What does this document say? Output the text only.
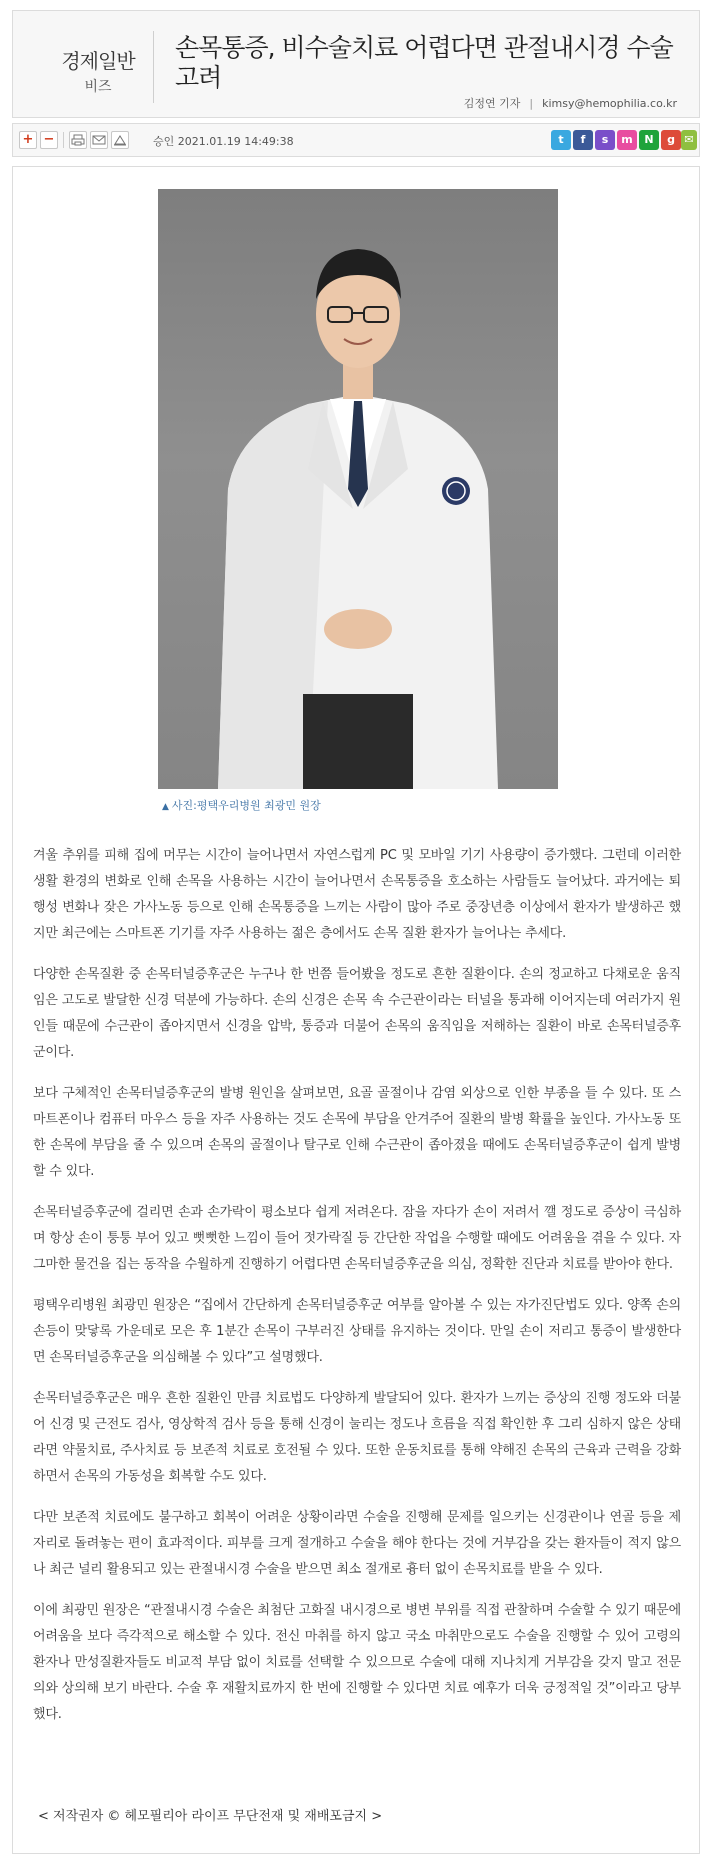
경제일반
비즈
손목통증, 비수술치료 어렵다면 관절내시경 수술 고려
김정연 기자 | kimsy@hemophilia.co.kr
+ −	승인 2021.01.19 14:49:38	t	f	s	m	N	g ✉
▲ 사진:평택우리병원 최광민 원장

겨울 추위를 피해 집에 머무는 시간이 늘어나면서 자연스럽게 PC 및 모바일 기기 사용량이 증가했다. 그런데 이러한 생활 환경의 변화로 인해 손목을 사용하는 시간이 늘어나면서 손목통증을 호소하는 사람들도 늘어났다. 과거에는 퇴행성 변화나 잦은 가사노동 등으로 인해 손목통증을 느끼는 사람이 많아 주로 중장년층 이상에서 환자가 발생하곤 했지만 최근에는 스마트폰 기기를 자주 사용하는 젊은 층에서도 손목 질환 환자가 늘어나는 추세다.

다양한 손목질환 중 손목터널증후군은 누구나 한 번쯤 들어봤을 정도로 흔한 질환이다. 손의 정교하고 다채로운 움직임은 고도로 발달한 신경 덕분에 가능하다. 손의 신경은 손목 속 수근관이라는 터널을 통과해 이어지는데 여러가지 원인들 때문에 수근관이 좁아지면서 신경을 압박, 통증과 더불어 손목의 움직임을 저해하는 질환이 바로 손목터널증후군이다.

보다 구체적인 손목터널증후군의 발병 원인을 살펴보면, 요골 골절이나 감염 외상으로 인한 부종을 들 수 있다. 또 스마트폰이나 컴퓨터 마우스 등을 자주 사용하는 것도 손목에 부담을 안겨주어 질환의 발병 확률을 높인다. 가사노동 또한 손목에 부담을 줄 수 있으며 손목의 골절이나 탈구로 인해 수근관이 좁아졌을 때에도 손목터널증후군이 쉽게 발병할 수 있다.

손목터널증후군에 걸리면 손과 손가락이 평소보다 쉽게 저려온다. 잠을 자다가 손이 저려서 깰 정도로 증상이 극심하며 항상 손이 퉁퉁 부어 있고 뻣뻣한 느낌이 들어 젓가락질 등 간단한 작업을 수행할 때에도 어려움을 겪을 수 있다. 자그마한 물건을 집는 동작을 수월하게 진행하기 어렵다면 손목터널증후군을 의심, 정확한 진단과 치료를 받아야 한다.

평택우리병원 최광민 원장은 “집에서 간단하게 손목터널증후군 여부를 알아볼 수 있는 자가진단법도 있다. 양쪽 손의 손등이 맞닿록 가운데로 모은 후 1분간 손목이 구부러진 상태를 유지하는 것이다. 만일 손이 저리고 통증이 발생한다면 손목터널증후군을 의심해볼 수 있다”고 설명했다.

손목터널증후군은 매우 흔한 질환인 만큼 치료법도 다양하게 발달되어 있다. 환자가 느끼는 증상의 진행 정도와 더불어 신경 및 근전도 검사, 영상학적 검사 등을 통해 신경이 눌리는 정도나 흐름을 직접 확인한 후 그리 심하지 않은 상태라면 약물치료, 주사치료 등 보존적 치료로 호전될 수 있다. 또한 운동치료를 통해 약해진 손목의 근육과 근력을 강화하면서 손목의 가동성을 회복할 수도 있다.

다만 보존적 치료에도 불구하고 회복이 어려운 상황이라면 수술을 진행해 문제를 일으키는 신경관이나 연골 등을 제 자리로 돌려놓는 편이 효과적이다. 피부를 크게 절개하고 수술을 해야 한다는 것에 거부감을 갖는 환자들이 적지 않으나 최근 널리 활용되고 있는 관절내시경 수술을 받으면 최소 절개로 흉터 없이 손목치료를 받을 수 있다.

이에 최광민 원장은 “관절내시경 수술은 최첨단 고화질 내시경으로 병변 부위를 직접 관찰하며 수술할 수 있기 때문에 어려움을 보다 즉각적으로 해소할 수 있다. 전신 마취를 하지 않고 국소 마취만으로도 수술을 진행할 수 있어 고령의 환자나 만성질환자들도 비교적 부담 없이 치료를 선택할 수 있으므로 수술에 대해 지나치게 거부감을 갖지 말고 전문의와 상의해 보기 바란다. 수술 후 재활치료까지 한 번에 진행할 수 있다면 치료 예후가 더욱 긍정적일 것”이라고 당부했다.

< 저작권자 © 헤모필리아 라이프 무단전재 및 재배포금지 >
